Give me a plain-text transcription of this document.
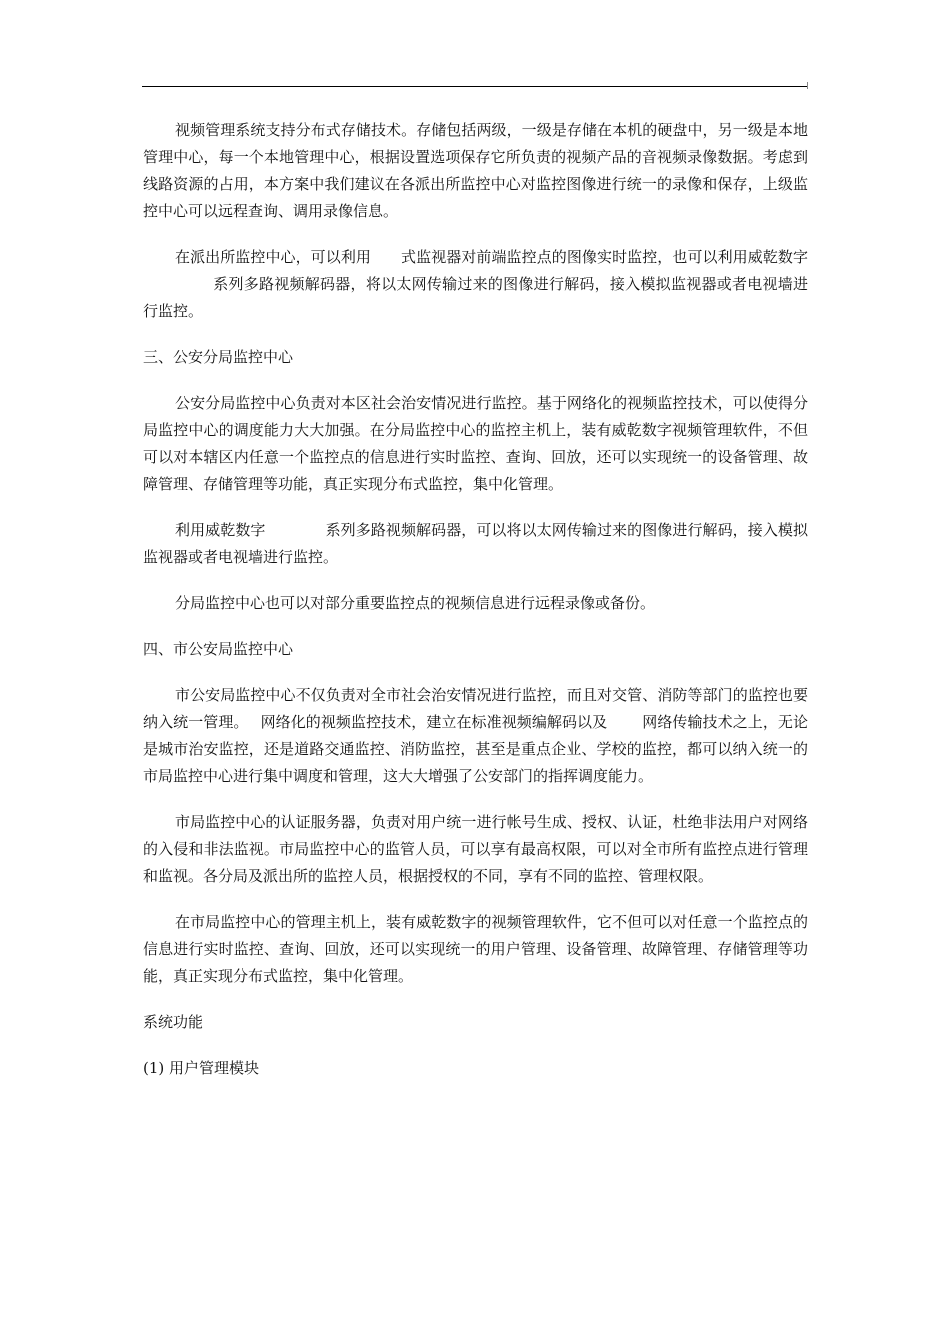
视频管理系统支持分布式存储技术。存储包括两级，一级是存储在本机的硬盘中，另一级是本地管理中心，每一个本地管理中心，根据设置选项保存它所负责的视频产品的音视频录像数据。考虑到线路资源的占用，本方案中我们建议在各派出所监控中心对监控图像进行统一的录像和保存，上级监控中心可以远程查询、调用录像信息。

在派出所监控中心，可以利用 式监视器对前端监控点的图像实时监控，也可以利用威乾数字系列多路视频解码器，将以太网传输过来的图像进行解码，接入模拟监视器或者电视墙进行监控。

三、公安分局监控中心

公安分局监控中心负责对本区社会治安情况进行监控。基于网络化的视频监控技术，可以使得分局监控中心的调度能力大大加强。在分局监控中心的监控主机上，装有威乾数字视频管理软件，不但可以对本辖区内任意一个监控点的信息进行实时监控、查询、回放，还可以实现统一的设备管理、故障管理、存储管理等功能，真正实现分布式监控，集中化管理。

利用威乾数字	系列多路视频解码器，可以将以太网传输过来的图像进行解码，接入模拟监视器或者电视墙进行监控。

分局监控中心也可以对部分重要监控点的视频信息进行远程录像或备份。

四、市公安局监控中心

市公安局监控中心不仅负责对全市社会治安情况进行监控，而且对交管、消防等部门的监控也要纳入统一管理。 网络化的视频监控技术，建立在标准视频编解码以及 网络传输技术之上，无论是城市治安监控，还是道路交通监控、消防监控，甚至是重点企业、学校的监控，都可以纳入统一的市局监控中心进行集中调度和管理，这大大增强了公安部门的指挥调度能力。

市局监控中心的认证服务器，负责对用户统一进行帐号生成、授权、认证，杜绝非法用户对网络的入侵和非法监视。市局监控中心的监管人员，可以享有最高权限，可以对全市所有监控点进行管理和监视。各分局及派出所的监控人员，根据授权的不同，享有不同的监控、管理权限。

在市局监控中心的管理主机上，装有威乾数字的视频管理软件，它不但可以对任意一个监控点的信息进行实时监控、查询、回放，还可以实现统一的用户管理、设备管理、故障管理、存储管理等功能，真正实现分布式监控，集中化管理。

系统功能

(1) 用户管理模块
